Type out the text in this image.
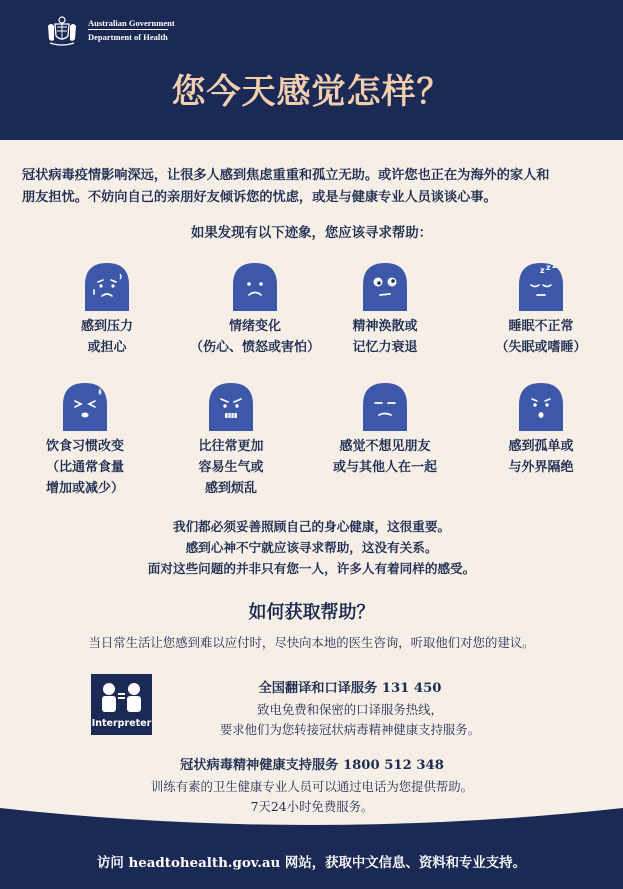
Australian Government
Department of Health
您今天感觉怎样？
冠状病毒疫情影响深远，让很多人感到焦虑重重和孤立无助。或许您也正在为海外的家人和
朋友担忧。不妨向自己的亲朋好友倾诉您的忧虑，或是与健康专业人员谈谈心事。
如果发现有以下迹象，您应该寻求帮助：
感到压力
或担心
情绪变化
（伤心、愤怒或害怕）
精神涣散或
记忆力衰退
z z z
睡眠不正常
（失眠或嗜睡）
饮食习惯改变
（比通常食量
增加或减少）
比往常更加
容易生气或
感到烦乱
感觉不想见朋友
或与其他人在一起
感到孤单或
与外界隔绝
我们都必须妥善照顾自己的身心健康，这很重要。
感到心神不宁就应该寻求帮助，这没有关系。
面对这些问题的并非只有您一人，许多人有着同样的感受。
如何获取帮助？
当日常生活让您感到难以应付时，尽快向本地的医生咨询，听取他们对您的建议。
Interpreter
全国翻译和口译服务 131 450
致电免费和保密的口译服务热线，
要求他们为您转接冠状病毒精神健康支持服务。
冠状病毒精神健康支持服务 1800 512 348
训练有素的卫生健康专业人员可以通过电话为您提供帮助。
7天24小时免费服务。
访问 headtohealth.gov.au 网站，获取中文信息、资料和专业支持。
